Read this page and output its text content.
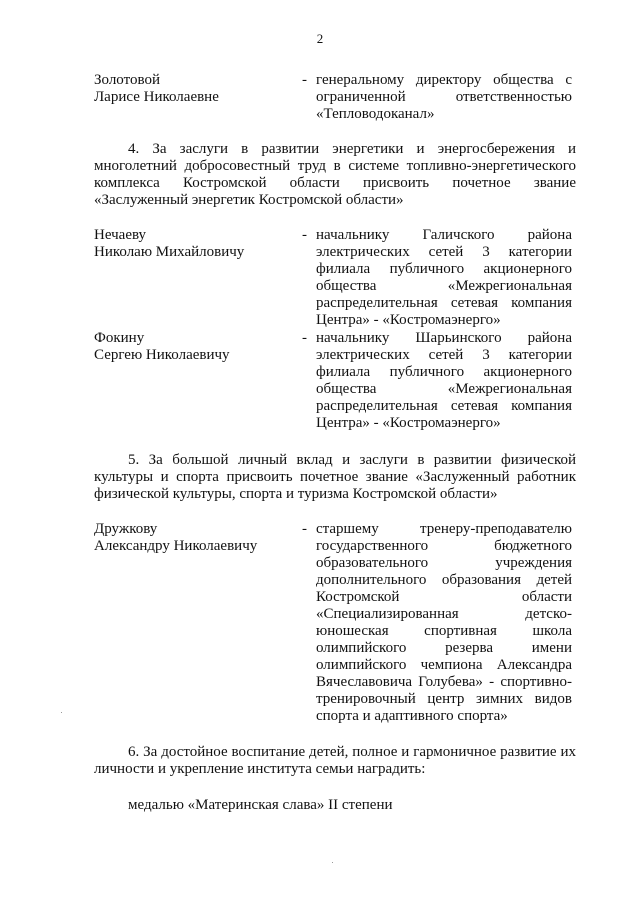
2
Золотовой
Ларисе Николаевне
- генеральному директору общества с
ограниченной ответственностью
«Тепловодоканал»
4. За заслуги в развитии энергетики и энергосбережения и
многолетний добросовестный труд в системе топливно-энергетического
комплекса Костромской области присвоить почетное звание
«Заслуженный энергетик Костромской области»
Нечаеву
Николаю Михайловичу
- начальнику Галичского района
электрических сетей 3 категории
филиала публичного акционерного
общества «Межрегиональная
распределительная сетевая компания
Центра» - «Костромаэнерго»
Фокину
Сергею Николаевичу
- начальнику Шарьинского района
электрических сетей 3 категории
филиала публичного акционерного
общества «Межрегиональная
распределительная сетевая компания
Центра» - «Костромаэнерго»
5. За большой личный вклад и заслуги в развитии физической
культуры и спорта присвоить почетное звание «Заслуженный работник
физической культуры, спорта и туризма Костромской области»
Дружкову
Александру Николаевичу
- старшему тренеру-преподавателю
государственного бюджетного
образовательного учреждения
дополнительного образования детей
Костромской области
«Специализированная детско-
юношеская спортивная школа
олимпийского резерва имени
олимпийского чемпиона Александра
Вячеславовича Голубева» - спортивно-
тренировочный центр зимних видов
спорта и адаптивного спорта»
6. За достойное воспитание детей, полное и гармоничное развитие их
личности и укрепление института семьи наградить:
медалью «Материнская слава» II степени
